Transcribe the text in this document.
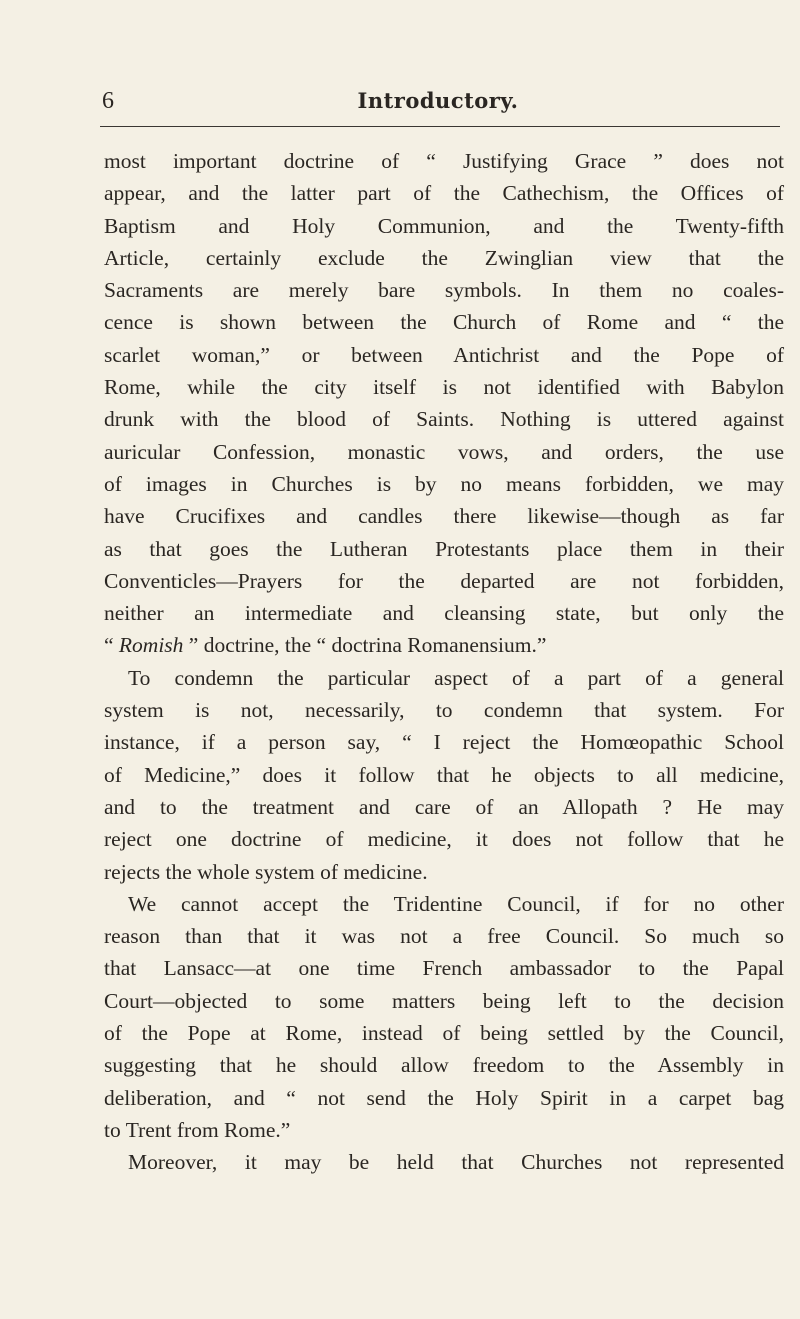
6	Introductory.
most important doctrine of “ Justifying Grace ” does not
appear, and the latter part of the Cathechism, the Offices of
Baptism and Holy Communion, and the Twenty-fifth
Article, certainly exclude the Zwinglian view that the
Sacraments are merely bare symbols. In them no coales-
cence is shown between the Church of Rome and “ the
scarlet woman,” or between Antichrist and the Pope of
Rome, while the city itself is not identified with Babylon
drunk with the blood of Saints. Nothing is uttered against
auricular Confession, monastic vows, and orders, the use
of images in Churches is by no means forbidden, we may
have Crucifixes and candles there likewise—though as far
as that goes the Lutheran Protestants place them in their
Conventicles—Prayers for the departed are not forbidden,
neither an intermediate and cleansing state, but only the
“ Romish ” doctrine, the “ doctrina Romanensium.”
To condemn the particular aspect of a part of a general
system is not, necessarily, to condemn that system. For
instance, if a person say, “ I reject the Homœopathic School
of Medicine,” does it follow that he objects to all medicine,
and to the treatment and care of an Allopath ? He may
reject one doctrine of medicine, it does not follow that he
rejects the whole system of medicine.
We cannot accept the Tridentine Council, if for no other
reason than that it was not a free Council. So much so
that Lansacc—at one time French ambassador to the Papal
Court—objected to some matters being left to the decision
of the Pope at Rome, instead of being settled by the Council,
suggesting that he should allow freedom to the Assembly in
deliberation, and “ not send the Holy Spirit in a carpet bag
to Trent from Rome.”
Moreover, it may be held that Churches not represented
